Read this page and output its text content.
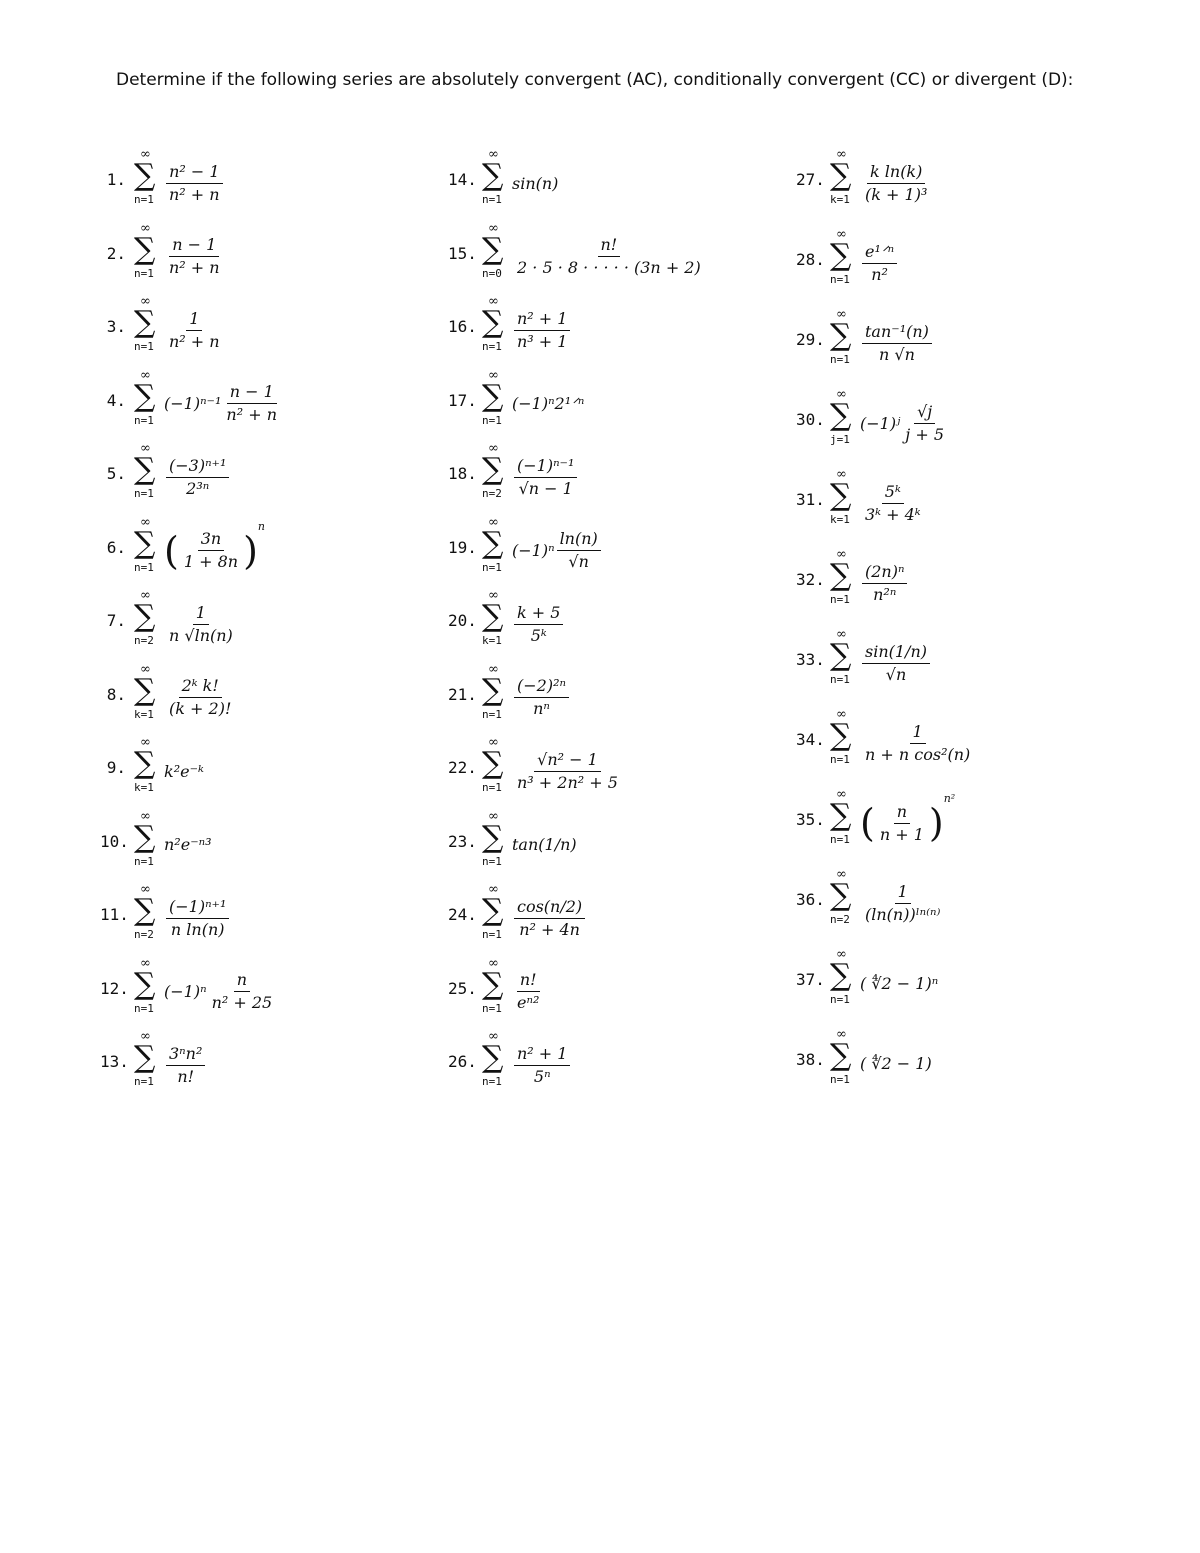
Determine if the following series are absolutely convergent (AC), conditionally convergent (CC) or divergent (D):
1.
∞
∑
$n=1 \frac{\text{n² − 1}}{\text{n² + n}}$
2.
∞
∑
$n=1 \frac{n - 1}{\text{n² + n}}$
3.
∞
∑
$n=1 \frac{1}{\text{n² + n}}$
4.
∞
∑
n=1
$(-1)^{n-1} \frac{n - 1}{\text{n² + n}}$
5.
∞
∑
$n=1 \frac{\text{(−3)ⁿ⁺¹}}{\text{2³ⁿ}}$
6.
∞
∑
n=1 ( $\frac{3n}{1 + 8n}$ )
$^n$
7.
∞
∑
$n=2 \frac{1}{n √\ln(n)}$
8.
∞
∑
$k=1 \frac{\text{2ᵏ k!}}{(k + 2)!}$
9.
∞
∑
k=1
k²e⁻ᵏ
10.
∞
∑
n=1
n²e⁻ⁿ³
11.
∞
∑
$n=2 \frac{\text{(−1)ⁿ⁺¹}}{\text{n ln(n)}}$
12.
∞
∑
n=1
$(-1)^n \frac{n}{\text{n² + 25}}$
13.
∞
∑
$n=1 \frac{\text{3ⁿn²}}{n!}$
14.
∞
∑
n=1
sin(n)
15.
∞
∑
$n=0 \frac{n!}{2 \cdot 5 \cdot 8 \cdot \cdot \cdot \cdot \cdot (3n + 2)}$
16.
∞
∑
$n=1 \frac{\text{n² + 1}}{\text{n³ + 1}}$
17.
∞
∑
n=1
(−1)ⁿ2¹ᐟⁿ
18.
∞
∑
$n=2 \frac{\text{(−1)ⁿ⁻¹}}{√n - 1}$
19.
∞
∑
n=1
$(-1)^n \frac{\ln(n)}{√n}$
20.
∞
∑
$k=1 \frac{k + 5}{\text{5ᵏ}}$
21.
∞
∑
$n=1 \frac{\text{(−2)²ⁿ}}{\text{nⁿ}}$
22.
∞
∑
$n=1 \frac{\text{√n² − 1}}{\text{n³ + 2n² + 5}}$
23.
∞
∑
n=1
tan(1/n)
24.
∞
∑
$n=1 \frac{\cos(n/2)}{\text{n² + 4n}}$
25.
∞
∑
$n=1 \frac{n!}{\text{eⁿ²}}$
26.
∞
∑
$n=1 \frac{\text{n² + 1}}{\text{5ⁿ}}$
27.
∞
∑
$k=1 \frac{\text{k ln(k)}}{\text{(k + 1)³}}$
28.
∞
∑
$n=1 \frac{\text{e¹ᐟⁿ}}{\text{n²}}$
29.
∞
∑
$n=1 \frac{\text{tan⁻¹(n)}}{n √n}$
30.
∞
∑
j=1
(−1)ʲ $\frac{√j}{j + 5}$
31.
∞
∑
$k=1 \frac{\text{5ᵏ}}{\text{3ᵏ + 4ᵏ}}$
32.
∞
∑
$n=1 \frac{\text{(2n)ⁿ}}{\text{n²ⁿ}}$
33.
∞
∑
$n=1 \frac{\sin(1/n)}{√n}$
34.
∞
∑
$n=1 \frac{1}{\text{n + n cos²(n)}}$
35.
∞
∑
n=1 ( $\frac{n}{n + 1}$ )
$^{n^2}$
36.
∞
∑
$n=2 \frac{1}{\text{(ln(n))ˡⁿ⁽ⁿ⁾}}$
37.
∞
∑
n=1
( ∜2 − 1)ⁿ
38.
∞
∑
n=1
( ∜2 − 1)
